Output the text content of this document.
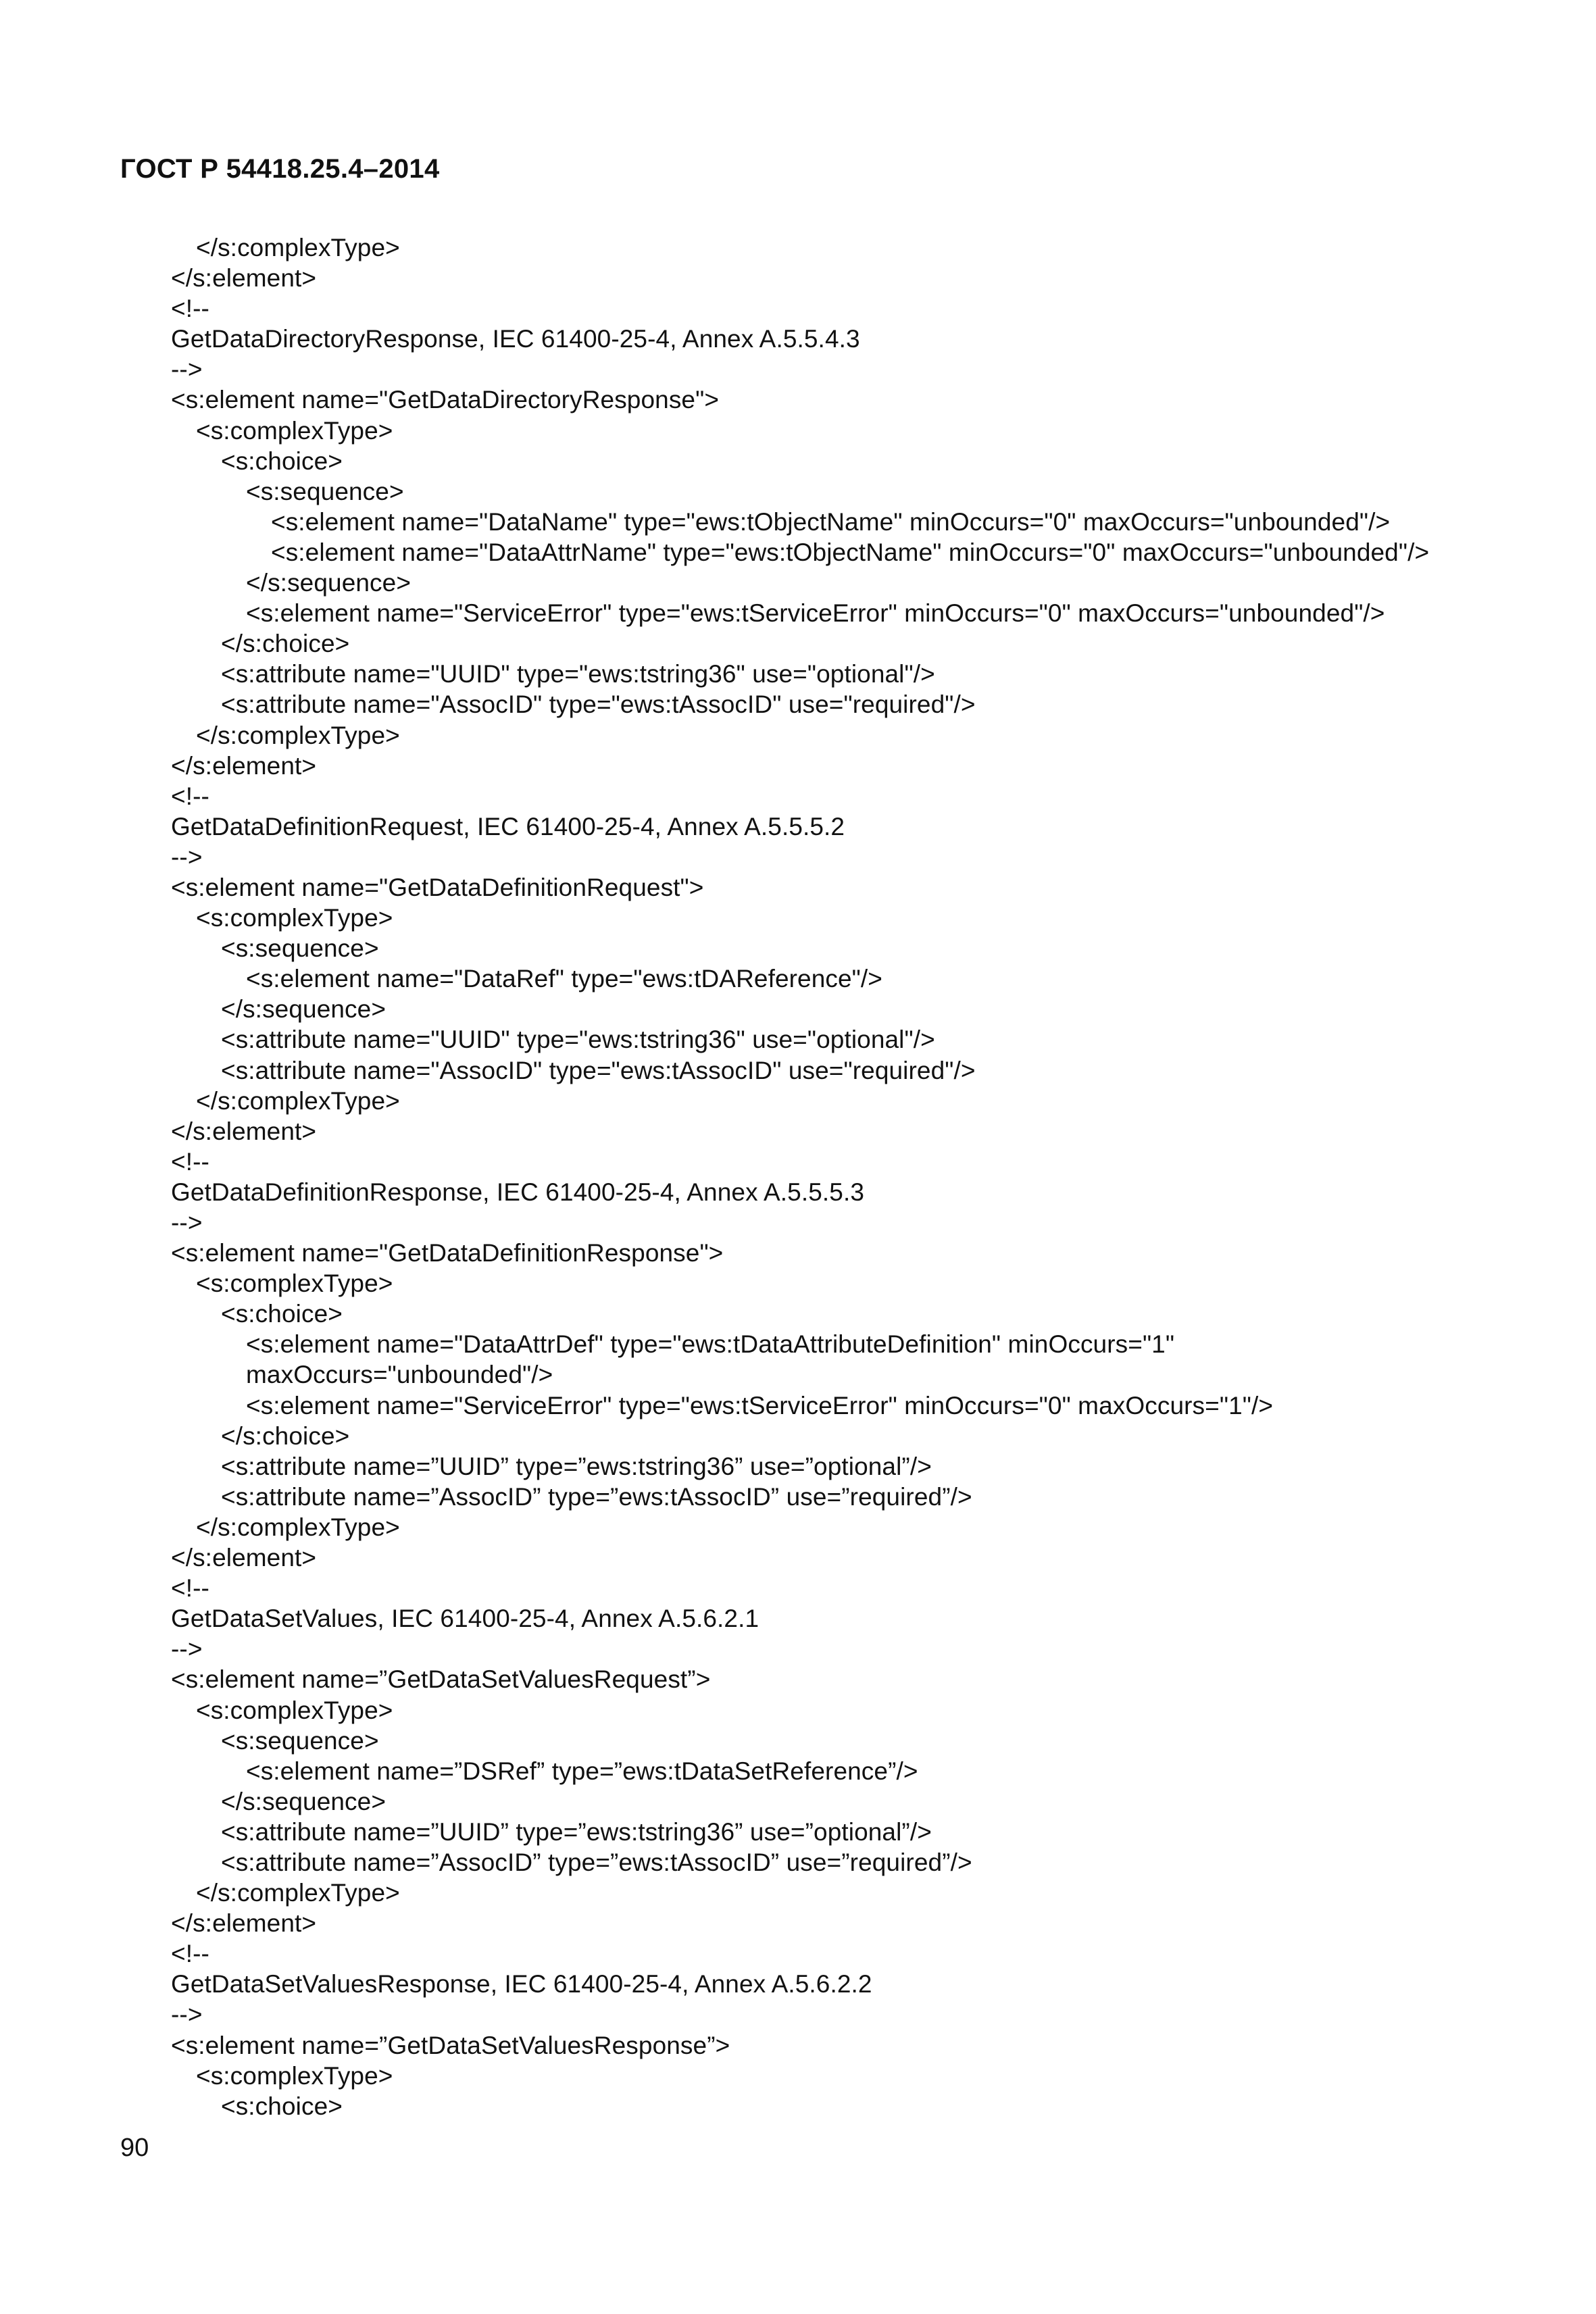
ГОСТ Р 54418.25.4–2014
</s:complexType>
</s:element>
<!--
GetDataDirectoryResponse, IEC 61400-25-4, Annex A.5.5.4.3
-->
<s:element name="GetDataDirectoryResponse">
<s:complexType>
<s:choice>
<s:sequence>
<s:element name="DataName" type="ews:tObjectName" minOccurs="0" maxOccurs="unbounded"/>
<s:element name="DataAttrName" type="ews:tObjectName" minOccurs="0" maxOccurs="unbounded"/>
</s:sequence>
<s:element name="ServiceError" type="ews:tServiceError" minOccurs="0" maxOccurs="unbounded"/>
</s:choice>
<s:attribute name="UUID" type="ews:tstring36" use="optional"/>
<s:attribute name="AssocID" type="ews:tAssocID" use="required"/>
</s:complexType>
</s:element>
<!--
GetDataDefinitionRequest, IEC 61400-25-4, Annex A.5.5.5.2
-->
<s:element name="GetDataDefinitionRequest">
<s:complexType>
<s:sequence>
<s:element name="DataRef" type="ews:tDAReference"/>
</s:sequence>
<s:attribute name="UUID" type="ews:tstring36" use="optional"/>
<s:attribute name="AssocID" type="ews:tAssocID" use="required"/>
</s:complexType>
</s:element>
<!--
GetDataDefinitionResponse, IEC 61400-25-4, Annex A.5.5.5.3
-->
<s:element name="GetDataDefinitionResponse">
<s:complexType>
<s:choice>
<s:element name="DataAttrDef" type="ews:tDataAttributeDefinition" minOccurs="1"
maxOccurs="unbounded"/>
<s:element name="ServiceError" type="ews:tServiceError" minOccurs="0" maxOccurs="1"/>
</s:choice>
<s:attribute name=”UUID” type=”ews:tstring36” use=”optional”/>
<s:attribute name=”AssocID” type=”ews:tAssocID” use=”required”/>
</s:complexType>
</s:element>
<!--
GetDataSetValues, IEC 61400-25-4, Annex A.5.6.2.1
-->
<s:element name=”GetDataSetValuesRequest”>
<s:complexType>
<s:sequence>
<s:element name=”DSRef” type=”ews:tDataSetReference”/>
</s:sequence>
<s:attribute name=”UUID” type=”ews:tstring36” use=”optional”/>
<s:attribute name=”AssocID” type=”ews:tAssocID” use=”required”/>
</s:complexType>
</s:element>
<!--
GetDataSetValuesResponse, IEC 61400-25-4, Annex A.5.6.2.2
-->
<s:element name=”GetDataSetValuesResponse”>
<s:complexType>
<s:choice>
90
